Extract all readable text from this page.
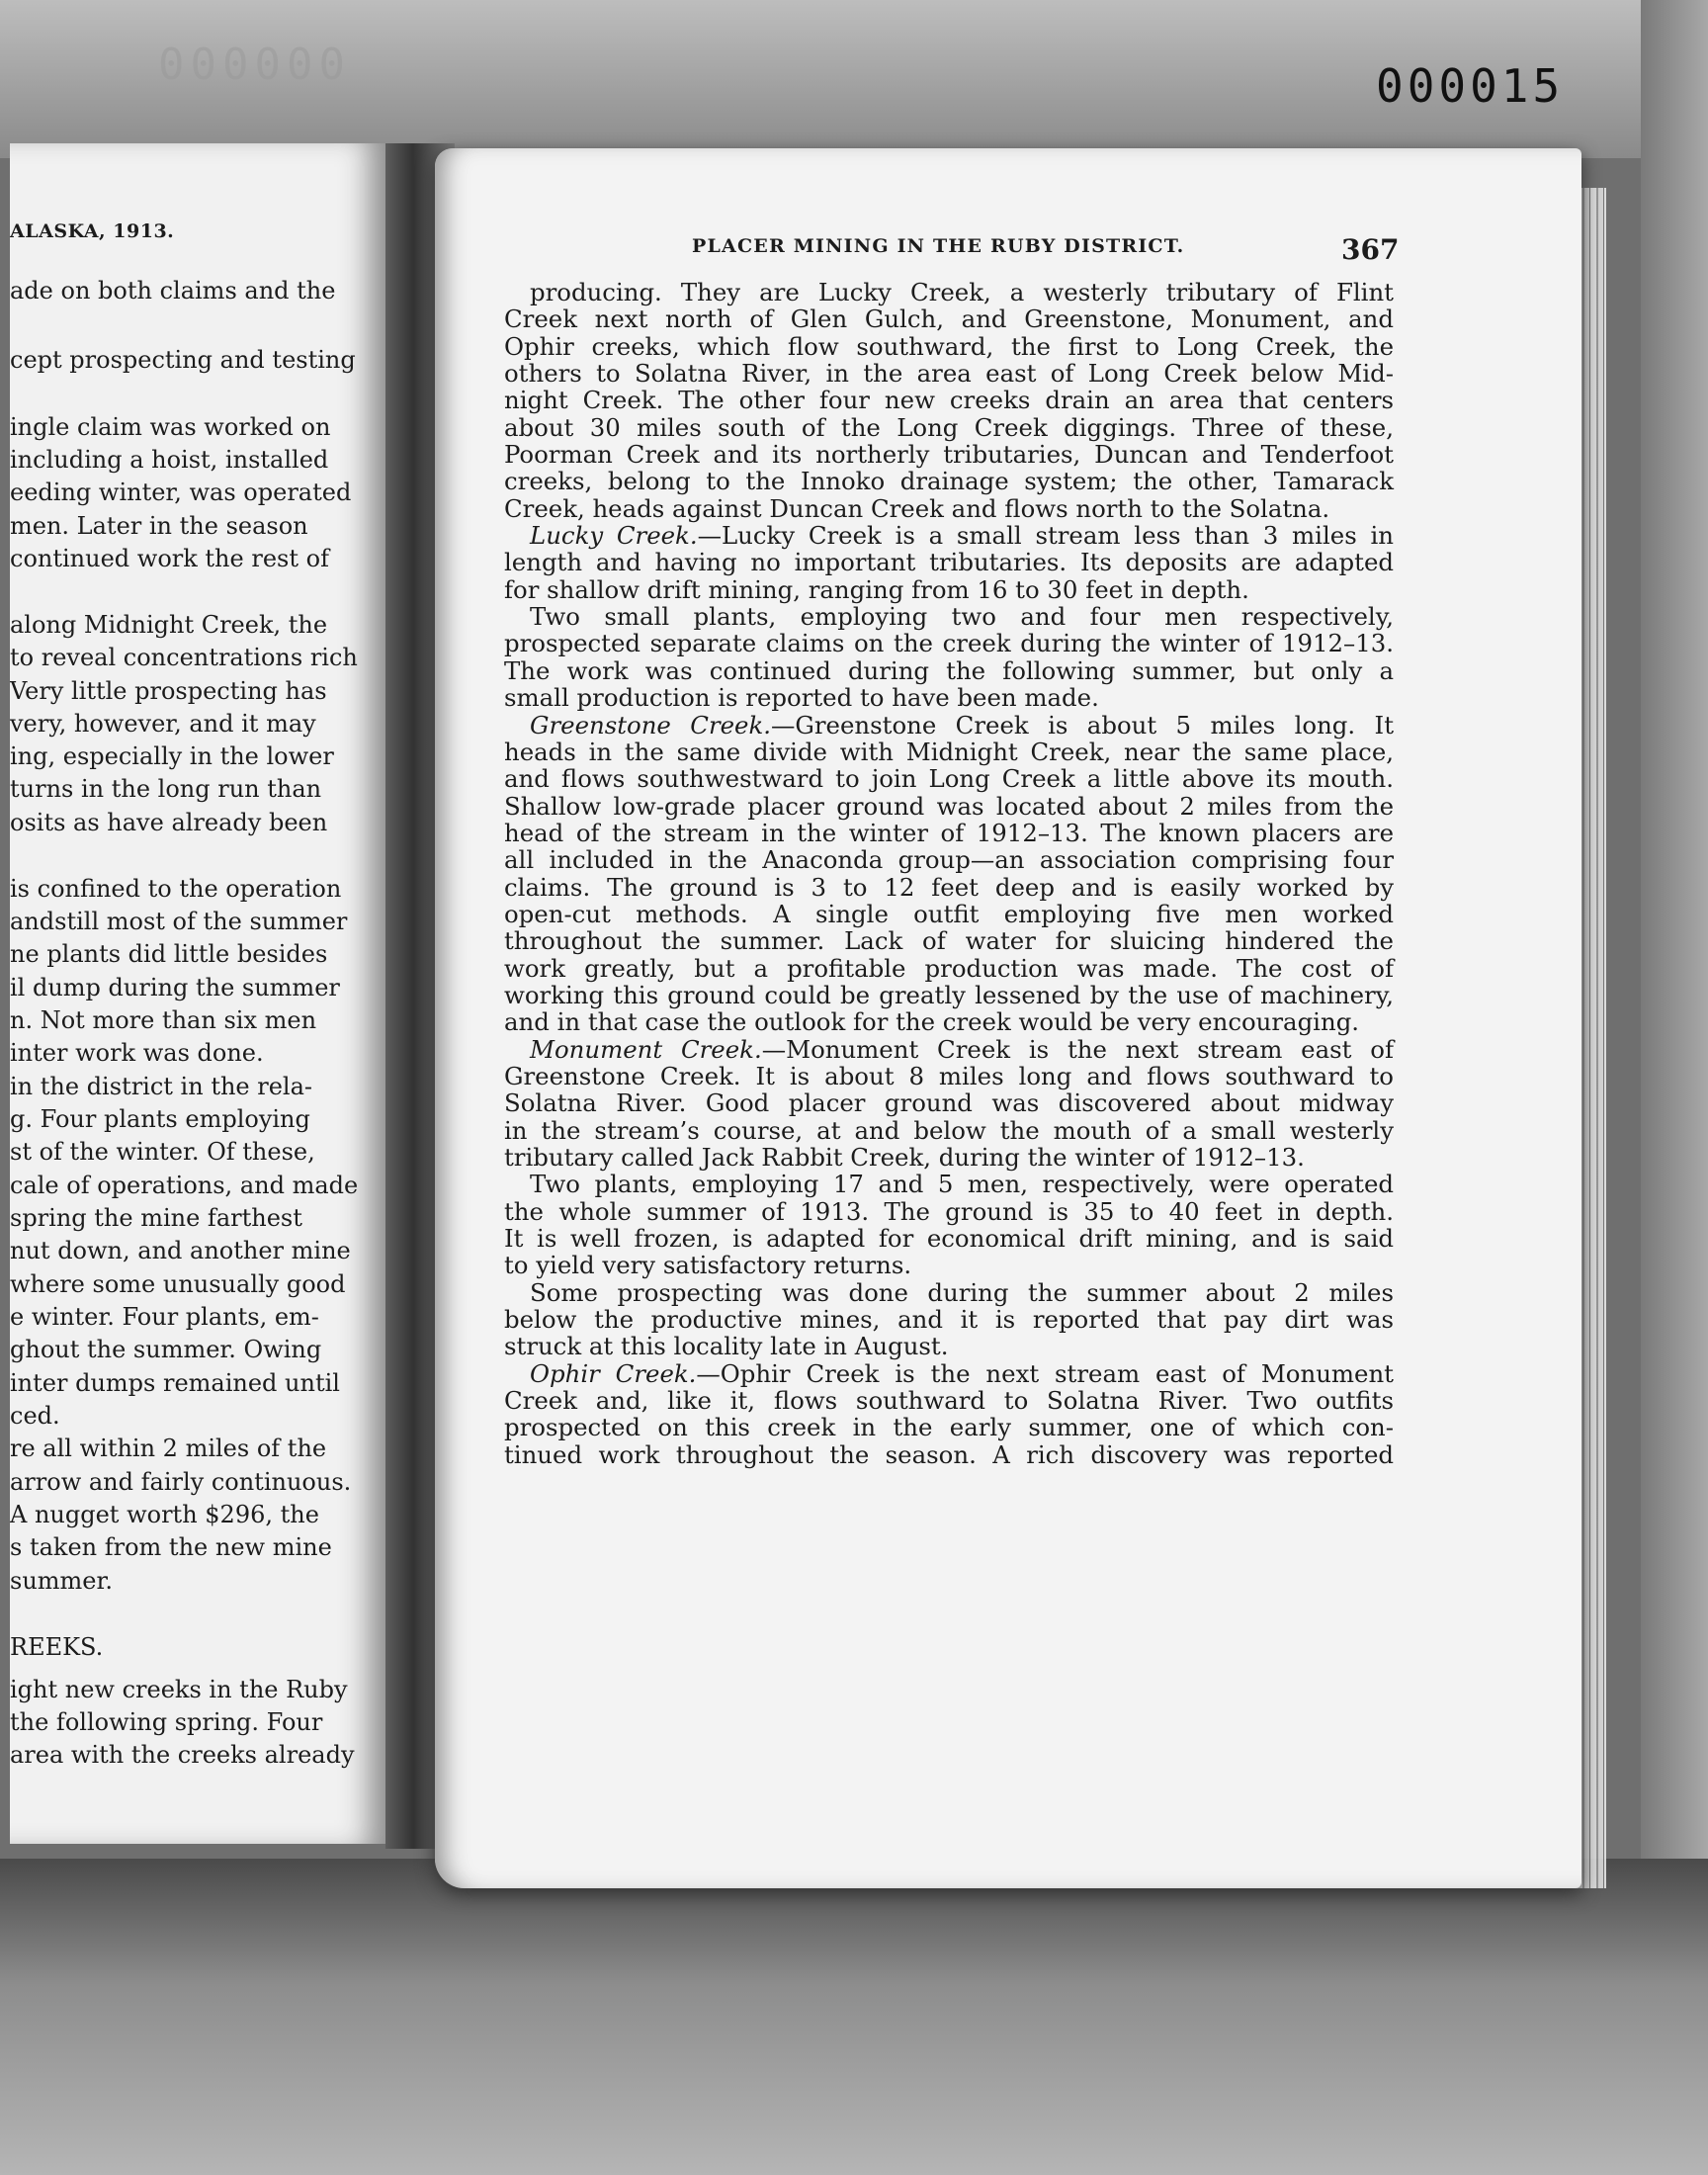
000000	000015
ALASKA, 1913.
ade on both claims and the
cept prospecting and testing
ingle claim was worked on
including a hoist, installed
eeding winter, was operated
men. Later in the season
continued work the rest of
along Midnight Creek, the
to reveal concentrations rich
Very little prospecting has
very, however, and it may
ing, especially in the lower
turns in the long run than
osits as have already been
is confined to the operation
andstill most of the summer
ne plants did little besides
il dump during the summer
n. Not more than six men
inter work was done.
in the district in the rela-
g. Four plants employing
st of the winter. Of these,
cale of operations, and made
spring the mine farthest
nut down, and another mine
where some unusually good
e winter. Four plants, em-
ghout the summer. Owing
inter dumps remained until
ced.
re all within 2 miles of the
arrow and fairly continuous.
A nugget worth $296, the
s taken from the new mine
summer.
REEKS.
ight new creeks in the Ruby
the following spring. Four
area with the creeks already
PLACER MINING IN THE RUBY DISTRICT.	367
producing. They are Lucky Creek, a westerly tributary of Flint
Creek next north of Glen Gulch, and Greenstone, Monument, and
Ophir creeks, which flow southward, the first to Long Creek, the
others to Solatna River, in the area east of Long Creek below Mid-
night Creek. The other four new creeks drain an area that centers
about 30 miles south of the Long Creek diggings. Three of these,
Poorman Creek and its northerly tributaries, Duncan and Tenderfoot
creeks, belong to the Innoko drainage system; the other, Tamarack
Creek, heads against Duncan Creek and flows north to the Solatna.
Lucky Creek.—Lucky Creek is a small stream less than 3 miles in
length and having no important tributaries. Its deposits are adapted
for shallow drift mining, ranging from 16 to 30 feet in depth.
Two small plants, employing two and four men respectively,
prospected separate claims on the creek during the winter of 1912–13.
The work was continued during the following summer, but only a
small production is reported to have been made.
Greenstone Creek.—Greenstone Creek is about 5 miles long. It
heads in the same divide with Midnight Creek, near the same place,
and flows southwestward to join Long Creek a little above its mouth.
Shallow low-grade placer ground was located about 2 miles from the
head of the stream in the winter of 1912–13. The known placers are
all included in the Anaconda group—an association comprising four
claims. The ground is 3 to 12 feet deep and is easily worked by
open-cut methods. A single outfit employing five men worked
throughout the summer. Lack of water for sluicing hindered the
work greatly, but a profitable production was made. The cost of
working this ground could be greatly lessened by the use of machinery,
and in that case the outlook for the creek would be very encouraging.
Monument Creek.—Monument Creek is the next stream east of
Greenstone Creek. It is about 8 miles long and flows southward to
Solatna River. Good placer ground was discovered about midway
in the stream’s course, at and below the mouth of a small westerly
tributary called Jack Rabbit Creek, during the winter of 1912–13.
Two plants, employing 17 and 5 men, respectively, were operated
the whole summer of 1913. The ground is 35 to 40 feet in depth.
It is well frozen, is adapted for economical drift mining, and is said
to yield very satisfactory returns.
Some prospecting was done during the summer about 2 miles
below the productive mines, and it is reported that pay dirt was
struck at this locality late in August.
Ophir Creek.—Ophir Creek is the next stream east of Monument
Creek and, like it, flows southward to Solatna River. Two outfits
prospected on this creek in the early summer, one of which con-
tinued work throughout the season. A rich discovery was reported
